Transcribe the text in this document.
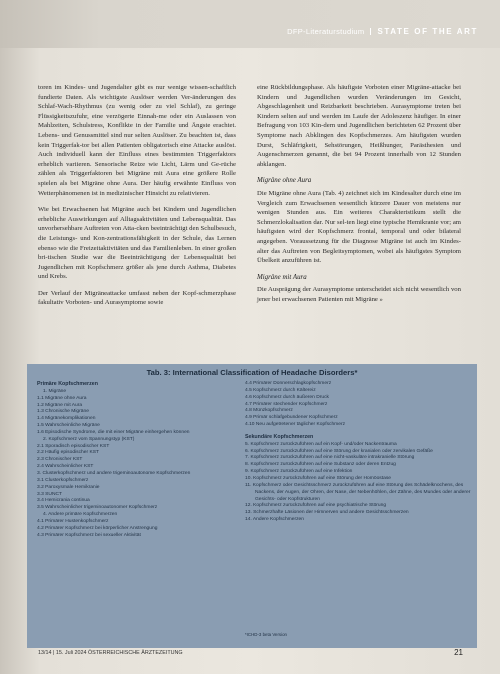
DFP-Literaturstudium STATE OF THE ART

toren im Kindes- und Jugendalter gibt es nur wenige wissen-schaftlich fundierte Daten. Als wichtigste Auslöser werden Ver-änderungen des Schlaf-Wach-Rhythmus (zu wenig oder zu viel Schlaf), zu geringe Flüssigkeitszufuhr, eine verzögerte Einnah-me oder ein Auslassen von Mahlzeiten, Schulstress, Konflikte in der Familie und Ängste erachtet. Lebens- und Genussmittel sind nur selten Auslöser. Zu beachten ist, dass kein Triggerfak-tor bei allen Patienten obligatorisch eine Attacke auslöst. Auch individuell kann der Einfluss eines bestimmten Triggerfaktors erheblich variieren. Sensorische Reize wie Licht, Lärm und Ge-rüche zählen als Triggerfaktoren bei Migräne mit Aura eine größere Rolle spielen als bei Migräne ohne Aura. Der häufig erwähnte Einfluss von Wetterphänomenen ist in medizinischer Hinsicht zu relativieren.

Wie bei Erwachsenen hat Migräne auch bei Kindern und Jugendlichen erhebliche Auswirkungen auf Alltagsaktivitäten und Lebensqualität. Das unvorhersehbare Auftreten von Atta-cken beeinträchtigt den Schulbesuch, die Leistungs- und Kon-zentrationsfähigkeit in der Schule, das Lernen ebenso wie die Freizeitaktivitäten und das Familienleben. In einer großen bri-tischen Studie war die Beeinträchtigung der Lebensqualität bei Jugendlichen mit Kopfschmerz größer als jene durch Asthma, Diabetes und Krebs.

Der Verlauf der Migräneattacke umfasst neben der Kopf-schmerzphase fakultativ Vorboten- und Aurasymptome sowie

eine Rückbildungsphase. Als häufigste Vorboten einer Migräne-attacke bei Kindern und Jugendlichen wurden Veränderungen im Gesicht, Abgeschlagenheit und Reizbarkeit beschrieben. Aurasymptome treten bei Kindern selten auf und werden im Laufe der Adoleszenz häufiger. In einer Befragung von 103 Kin-dern und Jugendlichen berichteten 62 Prozent über Symptome nach Abklingen des Kopfschmerzes. Am häufigsten wurden Durst, Schläfrigkeit, Sehstörungen, Heißhunger, Parästhesien und Augenschmerzen genannt, die bei 94 Prozent innerhalb von 12 Stunden abklangen.

Migräne ohne Aura

Die Migräne ohne Aura (Tab. 4) zeichnet sich im Kindesalter durch eine im Vergleich zum Erwachsenen wesentlich kürzere Dauer von meistens nur wenigen Stunden aus. Ein weiteres Charakteristikum stellt die Schmerzlokalisation dar. Nur sel-ten liegt eine typische Hemikranie vor; am häufigsten wird der Kopfschmerz frontal, temporal und oder bilateral angegeben. Voraussetzung für die Diagnose Migräne ist auch im Kindes-alter das Auftreten von Begleitsymptomen, wobei als häufigstes Symptom Übelkeit anzuführen ist.

Migräne mit Aura

Die Ausprägung der Aurasymptome unterscheidet sich nicht wesentlich von jener bei erwachsenen Patienten mit Migräne »

Tab. 3: International Classification of Headache Disorders*
Primäre Kopfschmerzen
1. Migräne
1.1 Migräne ohne Aura
1.2 Migräne mit Aura
1.3 Chronische Migräne
1.4 Migränekomplikationen
1.5 Wahrscheinliche Migräne
1.6 Episodische Syndrome, die mit einer Migräne einhergehen können
2. Kopfschmerz vom Spannungstyp (KST)
2.1 Sporadisch episodischer KST
2.2 Häufig episodischer KST
2.3 Chronischer KST
2.4 Wahrscheinlicher KST
3. Clusterkopfschmerz und andere trigeminoautonome Kopfschmerzen
3.1 Clusterkopfschmerz
3.2 Paroxysmale Hemikranie
3.3 SUNCT
3.4 Hemicrania continua
3.5 Wahrscheinlicher trigeminoautonomer Kopfschmerz
4. Andere primäre Kopfschmerzen
4.1 Primärer Hustenkopfschmerz
4.2 Primärer Kopfschmerz bei körperlicher Anstrengung
4.3 Primärer Kopfschmerz bei sexueller Aktivität
4.4 Primärer Donnerschlagkopfschmerz
4.5 Kopfschmerz durch Kältereiz
4.6 Kopfschmerz durch äußeren Druck
4.7 Primärer stechender Kopfschmerz
4.8 Münzkopfschmerz
4.9 Primär schlafgebundener Kopfschmerz
4.10 Neu aufgetretener täglicher Kopfschmerz
Sekundäre Kopfschmerzen
5. Kopfschmerz zurückzuführen auf ein Kopf- und/oder Nackentrauma
6. Kopfschmerz zurückzuführen auf eine Störung der kranialen oder zervikalen Gefäße
7. Kopfschmerz zurückzuführen auf eine nicht-vaskuläre intrakranielle Störung
8. Kopfschmerz zurückzuführen auf eine Substanz oder deren Entzug
9. Kopfschmerz zurückzuführen auf eine Infektion
10. Kopfschmerz zurückzuführen auf eine Störung der Homöostase
11. Kopfschmerz oder Gesichtsschmerz zurückzuführen auf eine Störung des Schädelknochens, des Nackens, der Augen, der Ohren, der Nase, der Nebenhöhlen, der Zähne, des Mundes oder anderer Gesichts- oder Kopfstrukturen
12. Kopfschmerz zurückzuführen auf eine psychiatrische Störung
13. Schmerzhafte Läsionen der Hirnnerven und andere Gesichtsschmerzen
14. Andere Kopfschmerzen
*ICHD-3 beta Version
13/14 | 15. Juli 2024 ÖSTERREICHISCHE ÄRZTEZEITUNG	21
